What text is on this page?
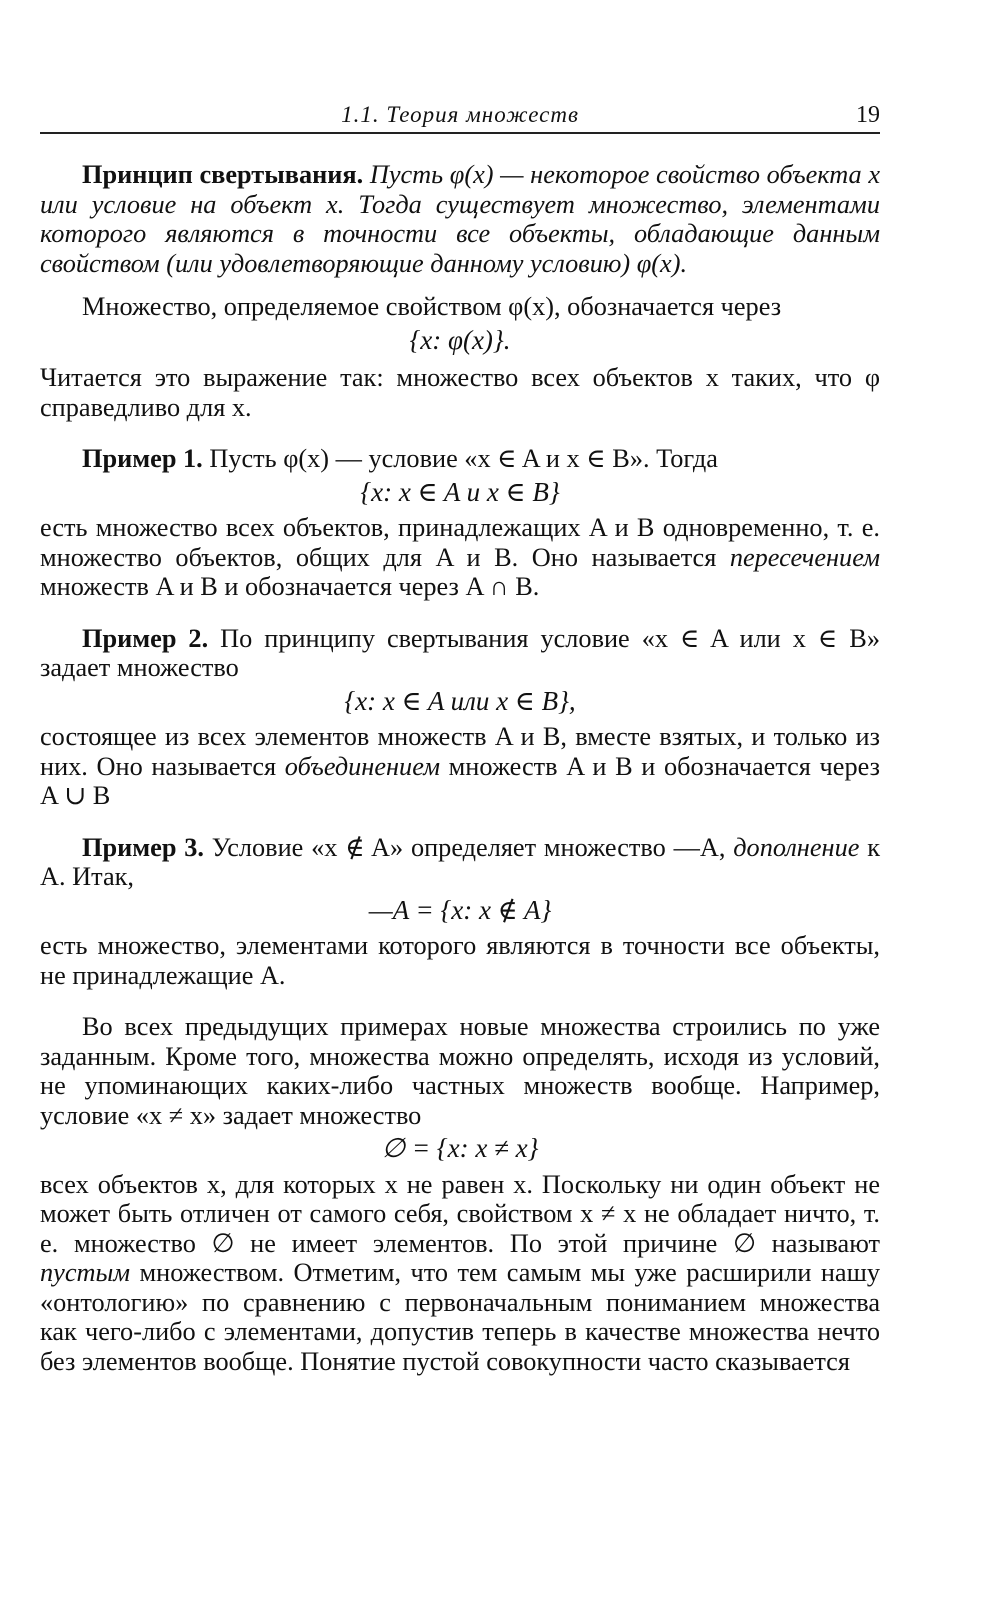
1.1. Теория множеств	19

Принцип свертывания. Пусть φ(x) — некоторое свойство объекта x или условие на объект x. Тогда существует множество, элементами которого являются в точности все объекты, обладающие данным свойством (или удовлетворяющие данному условию) φ(x).

Множество, определяемое свойством φ(x), обозначается через

{x: φ(x)}.

Читается это выражение так: множество всех объектов x таких, что φ справедливо для x.

Пример 1. Пусть φ(x) — условие «x ∈ A и x ∈ B». Тогда

{x: x ∈ A и x ∈ B}

есть множество всех объектов, принадлежащих A и B одновременно, т. е. множество объектов, общих для A и B. Оно называется пересечением множеств A и B и обозначается через A ∩ B.

Пример 2. По принципу свертывания условие «x ∈ A или x ∈ B» задает множество

{x: x ∈ A или x ∈ B},

состоящее из всех элементов множеств A и B, вместе взятых, и только из них. Оно называется объединением множеств A и B и обозначается через A ∪ B

Пример 3. Условие «x ∉ A» определяет множество —A, дополнение к A. Итак,

—A = {x: x ∉ A}

есть множество, элементами которого являются в точности все объекты, не принадлежащие A.

Во всех предыдущих примерах новые множества строились по уже заданным. Кроме того, множества можно определять, исходя из условий, не упоминающих каких-либо частных множеств вообще. Например, условие «x ≠ x» задает множество

∅ = {x: x ≠ x}

всех объектов x, для которых x не равен x. Поскольку ни один объект не может быть отличен от самого себя, свойством x ≠ x не обладает ничто, т. е. множество ∅ не имеет элементов. По этой причине ∅ называют пустым множеством. Отметим, что тем самым мы уже расширили нашу «онтологию» по сравнению с первоначальным пониманием множества как чего-либо с элементами, допустив теперь в качестве множества нечто без элементов вообще. Понятие пустой совокупности часто сказывается
